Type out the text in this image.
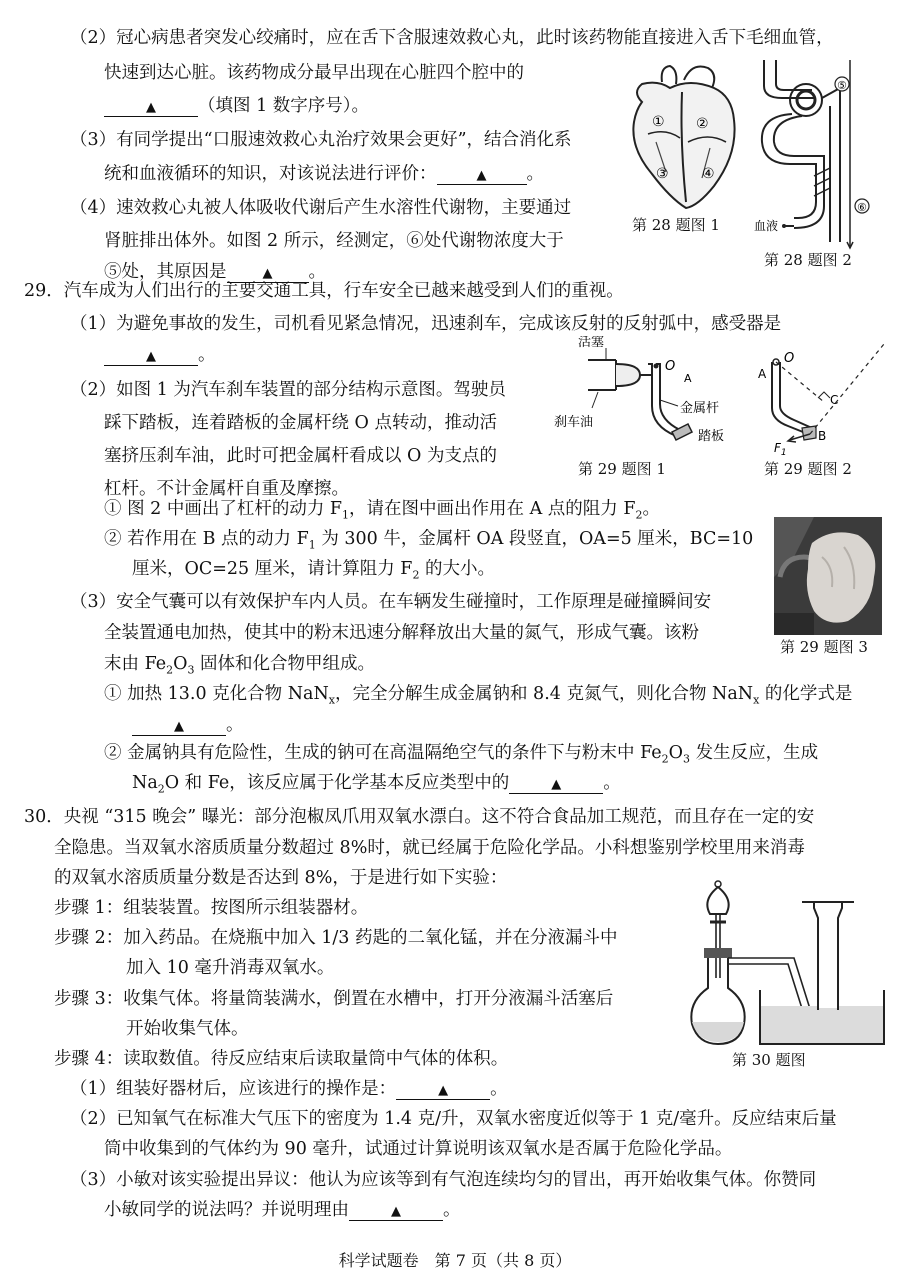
（2）冠心病患者突发心绞痛时，应在舌下含服速效救心丸，此时该药物能直接进入舌下毛细血管，
快速到达心脏。该药物成分最早出现在心脏四个腔中的
▲ （填图 1 数字序号）。
（3）有同学提出“口服速效救心丸治疗效果会更好”，结合消化系
统和血液循环的知识，对该说法进行评价：	▲ 。
（4）速效救心丸被人体吸收代谢后产生水溶性代谢物，主要通过
肾脏排出体外。如图 2 所示，经测定，⑥处代谢物浓度大于
⑤处，其原因是	▲ 。
① ②
③ ④
第 28 题图 1
⑤
⑥
血液
第 28 题图 2
29．汽车成为人们出行的主要交通工具，行车安全已越来越受到人们的重视。
（1）为避免事故的发生，司机看见紧急情况，迅速刹车，完成该反射的反射弧中，感受器是
▲ 。
（2）如图 1 为汽车刹车装置的部分结构示意图。驾驶员
踩下踏板，连着踏板的金属杆绕 O 点转动，推动活
塞挤压刹车油，此时可把金属杆看成以 O 为支点的
杠杆。不计金属杆自重及摩擦。
活塞
O
A
金属杆
刹车油
踏板
第 29 题图 1
A
O
C
$F_1$
B
第 29 题图 2
① 图 2 中画出了杠杆的动力 $F_1$，请在图中画出作用在 A 点的阻力 $F_2$。
② 若作用在 B 点的动力 $F_1$ 为 300 牛，金属杆 OA 段竖直，OA=5 厘米，BC=10
厘米，OC=25 厘米，请计算阻力 $F_2$ 的大小。
第 29 题图 3
（3）安全气囊可以有效保护车内人员。在车辆发生碰撞时，工作原理是碰撞瞬间安
全装置通电加热，使其中的粉末迅速分解释放出大量的氮气，形成气囊。该粉
末由 $Fe_2O_3$ 固体和化合物甲组成。
① 加热 13.0 克化合物 NaN$_x$，完全分解生成金属钠和 8.4 克氮气，则化合物 NaN$_x$ 的化学式是
▲ 。
② 金属钠具有危险性，生成的钠可在高温隔绝空气的条件下与粉末中 $Fe_2O_3$ 发生反应，生成
$Na_2O$ 和 Fe，该反应属于化学基本反应类型中的	▲ 。
30．央视 “315 晚会” 曝光：部分泡椒凤爪用双氧水漂白。这不符合食品加工规范，而且存在一定的安
全隐患。当双氧水溶质质量分数超过 8%时，就已经属于危险化学品。小科想鉴别学校里用来消毒
的双氧水溶质质量分数是否达到 8%，于是进行如下实验：
步骤 1：组装装置。按图所示组装器材。
步骤 2：加入药品。在烧瓶中加入 1/3 药匙的二氧化锰，并在分液漏斗中
加入 10 毫升消毒双氧水。
步骤 3：收集气体。将量筒装满水，倒置在水槽中，打开分液漏斗活塞后
开始收集气体。
步骤 4：读取数值。待反应结束后读取量筒中气体的体积。	第 30 题图
（1）组装好器材后，应该进行的操作是：	▲ 。
（2）已知氧气在标准大气压下的密度为 1.4 克/升，双氧水密度近似等于 1 克/毫升。反应结束后量
筒中收集到的气体约为 90 毫升，试通过计算说明该双氧水是否属于危险化学品。
（3）小敏对该实验提出异议：他认为应该等到有气泡连续均匀的冒出，再开始收集气体。你赞同
小敏同学的说法吗？并说明理由	▲ 。
科学试题卷　第 7 页（共 8 页）
